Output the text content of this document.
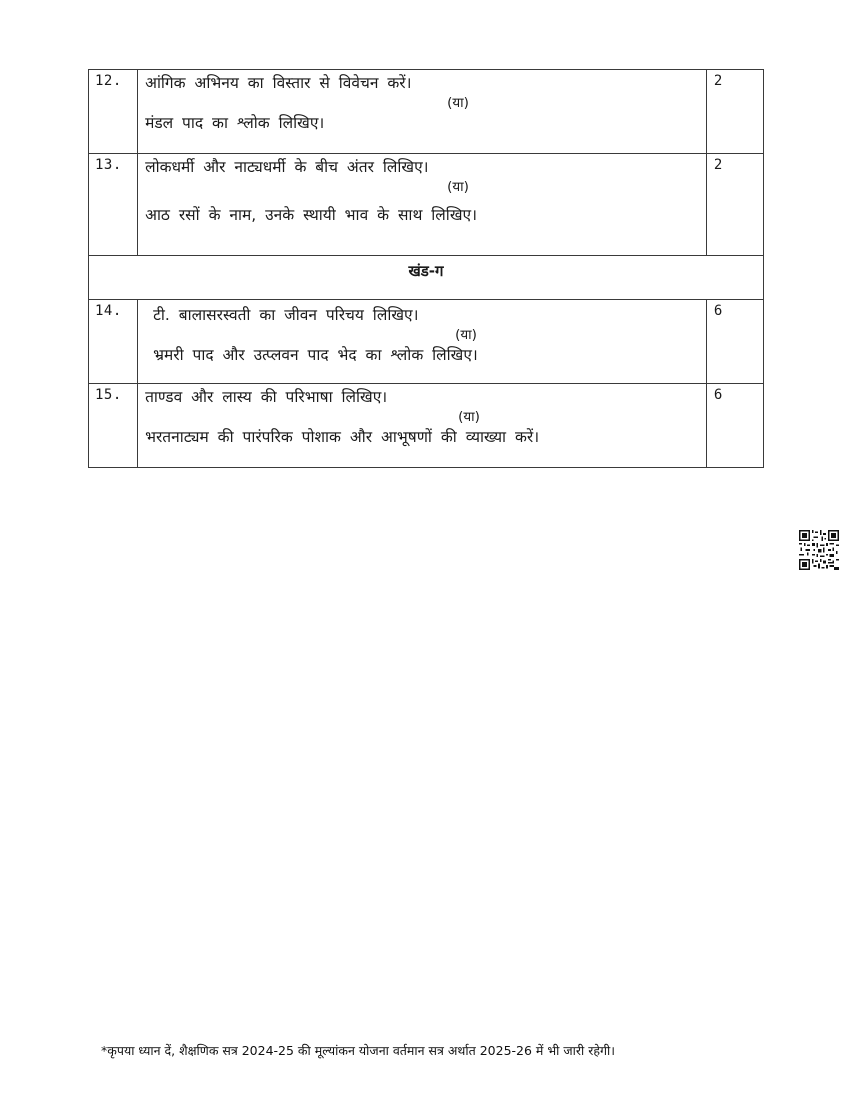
12.	आंगिक अभिनय का विस्तार से विवेचन करें।
(या)
मंडल पाद का श्लोक लिखिए।	2
13.	लोकधर्मी और नाट्यधर्मी के बीच अंतर लिखिए।
(या)
आठ रसों के नाम, उनके स्थायी भाव के साथ लिखिए।	2
खंड-ग		
14.	टी. बालासरस्वती का जीवन परिचय लिखिए।
(या)
भ्रमरी पाद और उत्प्लवन पाद भेद का श्लोक लिखिए।	6
15.	ताण्डव और लास्य की परिभाषा लिखिए।
(या)
भरतनाट्यम की पारंपरिक पोशाक और आभूषणों की व्याख्या करें।	6
*कृपया ध्यान दें, शैक्षणिक सत्र 2024-25 की मूल्यांकन योजना वर्तमान सत्र अर्थात 2025-26 में भी जारी रहेगी।
